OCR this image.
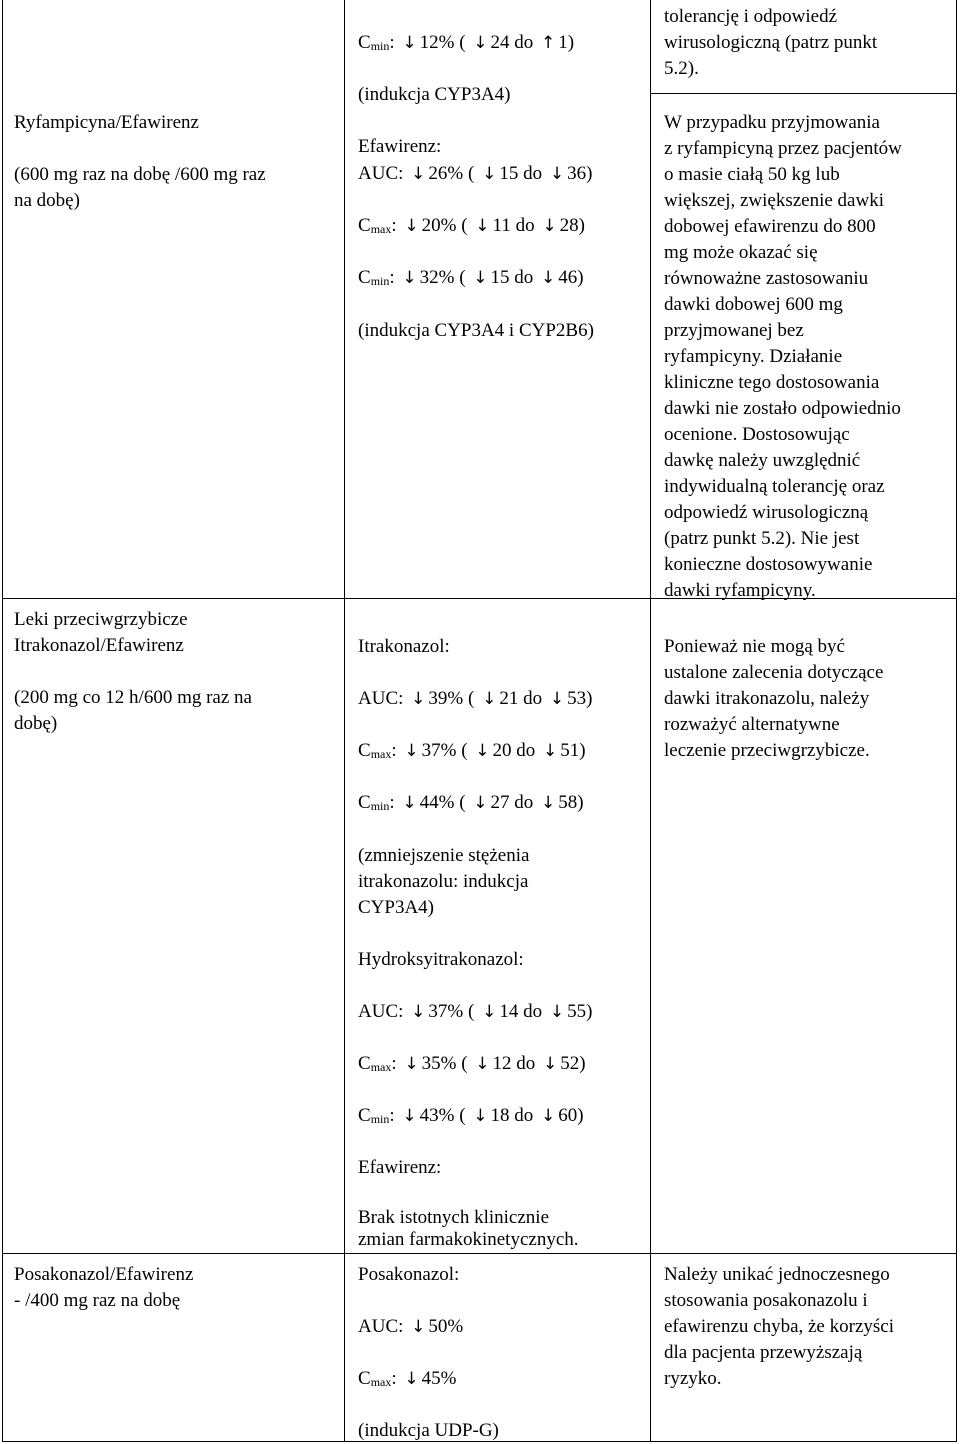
Ryfampicyna/Efawirenz
(600 mg raz na dobę /600 mg raz
na dobę)
Leki przeciwgrzybicze
Itrakonazol/Efawirenz
(200 mg co 12 h/600 mg raz na
dobę)
Posakonazol/Efawirenz
- /400 mg raz na dobę
Cmin: ↓ 12% ( ↓ 24 do ↑ 1)
(indukcja CYP3A4)
Efawirenz:
AUC: ↓ 26% ( ↓ 15 do ↓ 36)
Cmax: ↓ 20% ( ↓ 11 do ↓ 28)
Cmin: ↓ 32% ( ↓ 15 do ↓ 46)
(indukcja CYP3A4 i CYP2B6)
Itrakonazol:
AUC: ↓ 39% ( ↓ 21 do ↓ 53)
Cmax: ↓ 37% ( ↓ 20 do ↓ 51)
Cmin: ↓ 44% ( ↓ 27 do ↓ 58)
(zmniejszenie stężenia
itrakonazolu: indukcja
CYP3A4)
Hydroksyitrakonazol:
AUC: ↓ 37% ( ↓ 14 do ↓ 55)
Cmax: ↓ 35% ( ↓ 12 do ↓ 52)
Cmin: ↓ 43% ( ↓ 18 do ↓ 60)
Efawirenz:
Brak istotnych klinicznie
zmian farmakokinetycznych.
Posakonazol:
AUC: ↓ 50%
Cmax: ↓ 45%
(indukcja UDP-G)
tolerancję i odpowiedź
wirusologiczną (patrz punkt
5.2).
W przypadku przyjmowania
z ryfampicyną przez pacjentów
o masie ciałą 50 kg lub
większej, zwiększenie dawki
dobowej efawirenzu do 800
mg może okazać się
równoważne zastosowaniu
dawki dobowej 600 mg
przyjmowanej bez
ryfampicyny. Działanie
kliniczne tego dostosowania
dawki nie zostało odpowiednio
ocenione. Dostosowując
dawkę należy uwzględnić
indywidualną tolerancję oraz
odpowiedź wirusologiczną
(patrz punkt 5.2). Nie jest
konieczne dostosowywanie
dawki ryfampicyny.
Ponieważ nie mogą być
ustalone zalecenia dotyczące
dawki itrakonazolu, należy
rozważyć alternatywne
leczenie przeciwgrzybicze.
Należy unikać jednoczesnego
stosowania posakonazolu i
efawirenzu chyba, że korzyści
dla pacjenta przewyższają
ryzyko.
